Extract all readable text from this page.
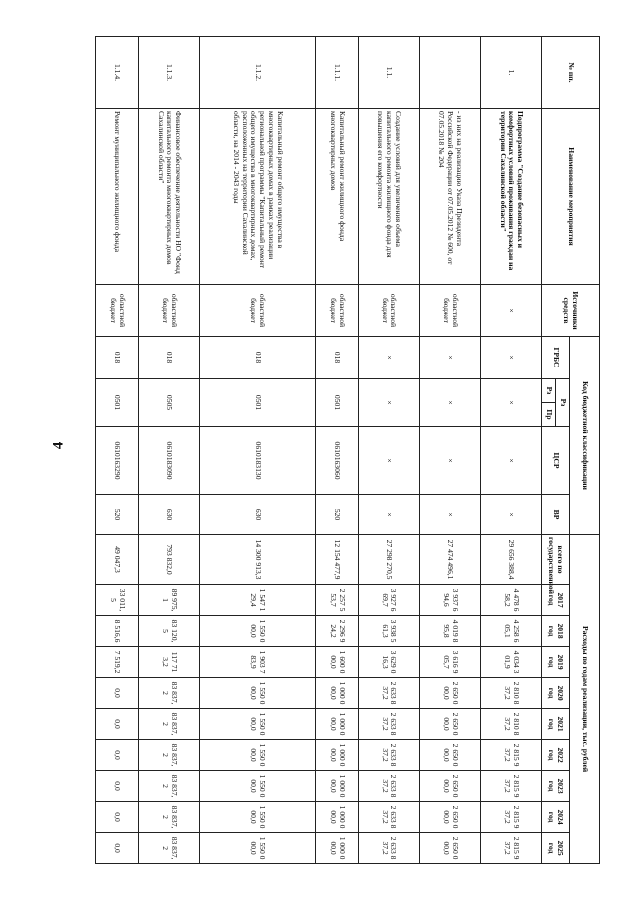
4
№ пп.	Наименование мероприятия	Источники средств	Код бюджетной классификации					Расходы по годам реализации, тыс. рублей									
			ГРБС	Рз		ЦСР	ВР	всего по государственной	2017 год	2018 год	2019 год	2020 год	2021 год	2022 год	2023 год	2024 год	2025 год
				Рз	Пр												
1.	Подпрограмма "Создание безопасных и комфортных условий проживания граждан на территории Сахалинской области"	×	×	×		×	×	29 656 388,4	4 478 658,2	4 258 605,1	4 034 301,9	2 810 837,2	2 810 837,2	2 815 937,2	2 815 937,2	2 815 937,2	2 815 937,2
	- из них на реализацию Указа Президента Российской Федерации от 07.05.2012 № 600, от 07.05.2018 № 204	областной бюджет	×	×		×	×	27 474 496,1	3 937 694,6	4 019 895,8	3 616 905,7	2 650 000,0	2 650 000,0	2 650 000,0	2 650 000,0	2 650 000,0	2 650 000,0
1.1.	Создание условий для увеличения объема капитального ремонта жилищного фонда для повышения его комфортности	областной бюджет	×	×		×	×	27 298 270,5	3 927 669,7	3 938 561,3	3 629 016,3	2 633 837,2	2 633 837,2	2 633 837,2	2 633 837,2	2 633 837,2	2 633 837,2
1.1.1.	Капитальный ремонт жилищного фонда многоквартирных домов	областной бюджет	018	0501		0610163060	520	12 154 477,9	2 257 553,7	2 296 924,2	1 600 000,0	1 000 000,0	1 000 000,0	1 000 000,0	1 000 000,0	1 000 000,0	1 000 000,0
1.1.2.	Капитальный ремонт общего имущества в многоквартирных домах в рамках реализации региональной программы "Капитальный ремонт общего имущества в многоквартирных домах, расположенных на территории Сахалинской области, на 2014 - 2043 годы	областной бюджет	018	0501		0610183130	630	14 300 913,3	1 547 129,4	1 550 000,0	1 903 783,9	1 550 000,0	1 550 000,0	1 550 000,0	1 550 000,0	1 550 000,0	1 550 000,0
1.1.3.	Финансовое обеспечение деятельности НО "Фонд капитального ремонта многоквартирных домов Сахалинской области"	областной бюджет	018	0505		0610183090	630	793 832,0	89 975,1	83 120,5	117 713,2	83 837,2	83 837,2	83 837,2	83 837,2	83 837,2	83 837,2
1.1.4.	Ремонт муниципального жилищного фонда	областной бюджет	018	0501		0610163290	520	49 047,3	33 011,5	8 516,6	7 519,2	0,0	0,0	0,0	0,0	0,0	0,0
